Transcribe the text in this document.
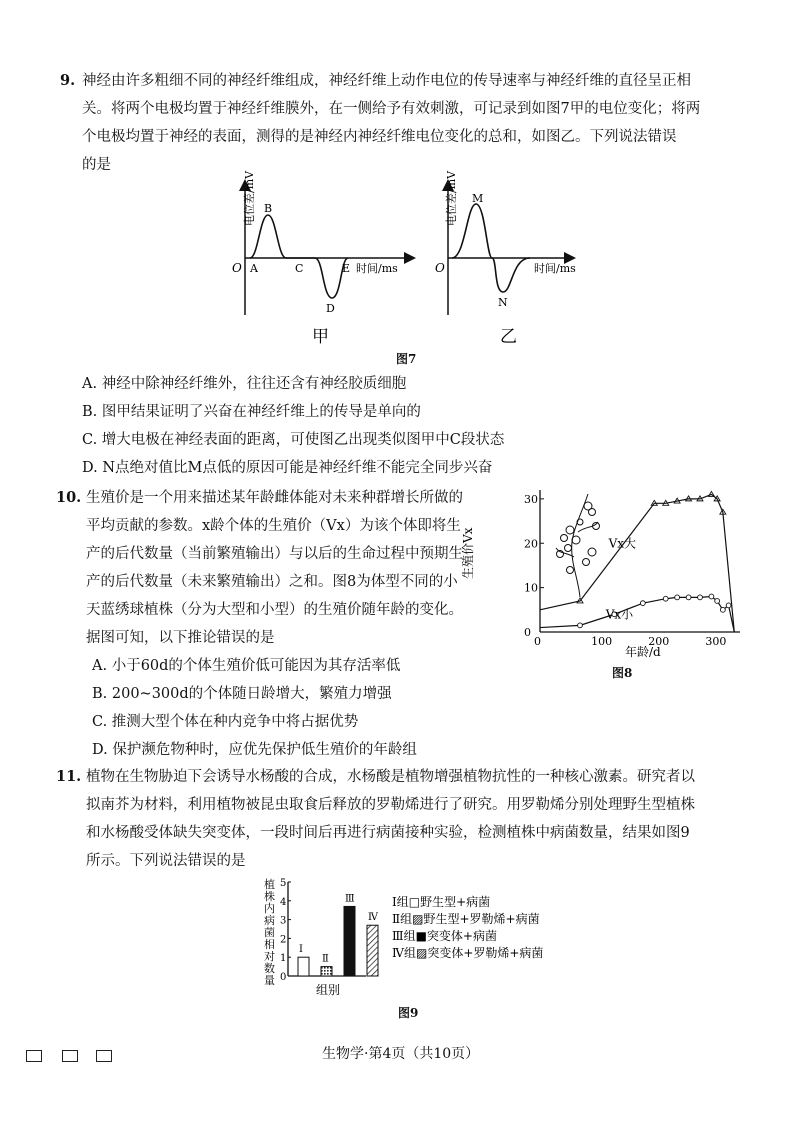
9. 神经由许多粗细不同的神经纤维组成，神经纤维上动作电位的传导速率与神经纤维的直径呈正相
关。将两个电极均置于神经纤维膜外，在一侧给予有效刺激，可记录到如图7甲的电位变化；将两
个电极均置于神经的表面，测得的是神经内神经纤维电位变化的总和，如图乙。下列说法错误
的是
电位差/mV
O A
B
C
D
E 时间/ms
甲
电位差/mV
O
M
N
时间/ms
乙
图7
A. 神经中除神经纤维外，往往还含有神经胶质细胞
B. 图甲结果证明了兴奋在神经纤维上的传导是单向的
C. 增大电极在神经表面的距离，可使图乙出现类似图甲中C段状态
D. N点绝对值比M点低的原因可能是神经纤维不能完全同步兴奋
10. 生殖价是一个用来描述某年龄雌体能对未来种群增长所做的
平均贡献的参数。x龄个体的生殖价（Vx）为该个体即将生
产的后代数量（当前繁殖输出）与以后的生命过程中预期生
产的后代数量（未来繁殖输出）之和。图8为体型不同的小
天蓝绣球植株（分为大型和小型）的生殖价随年龄的变化。
据图可知，以下推论错误的是
A. 小于60d的个体生殖价低可能因为其存活率低
B. 200~300d的个体随日龄增大，繁殖力增强
C. 推测大型个体在种内竞争中将占据优势
D. 保护濒危物种时，应优先保护低生殖价的年龄组
生殖价Vx
年龄/d
0	100	200	300
0
10
20
30
Vx大
Vx小
图8
11. 植物在生物胁迫下会诱导水杨酸的合成，水杨酸是植物增强植物抗性的一种核心激素。研究者以
拟南芥为材料，利用植物被昆虫取食后释放的罗勒烯进行了研究。用罗勒烯分别处理野生型植株
和水杨酸受体缺失突变体，一段时间后再进行病菌接种实验，检测植株中病菌数量，结果如图9
所示。下列说法错误的是
植
株
内
病
菌
相
对
数
量
组别
0
1
2
3
4
5
Ⅰ
Ⅱ
Ⅲ
Ⅳ
Ⅰ组□野生型+病菌
Ⅱ组▨野生型+罗勒烯+病菌
Ⅲ组■突变体+病菌
Ⅳ组▨突变体+罗勒烯+病菌
图9
生物学·第4页（共10页）
